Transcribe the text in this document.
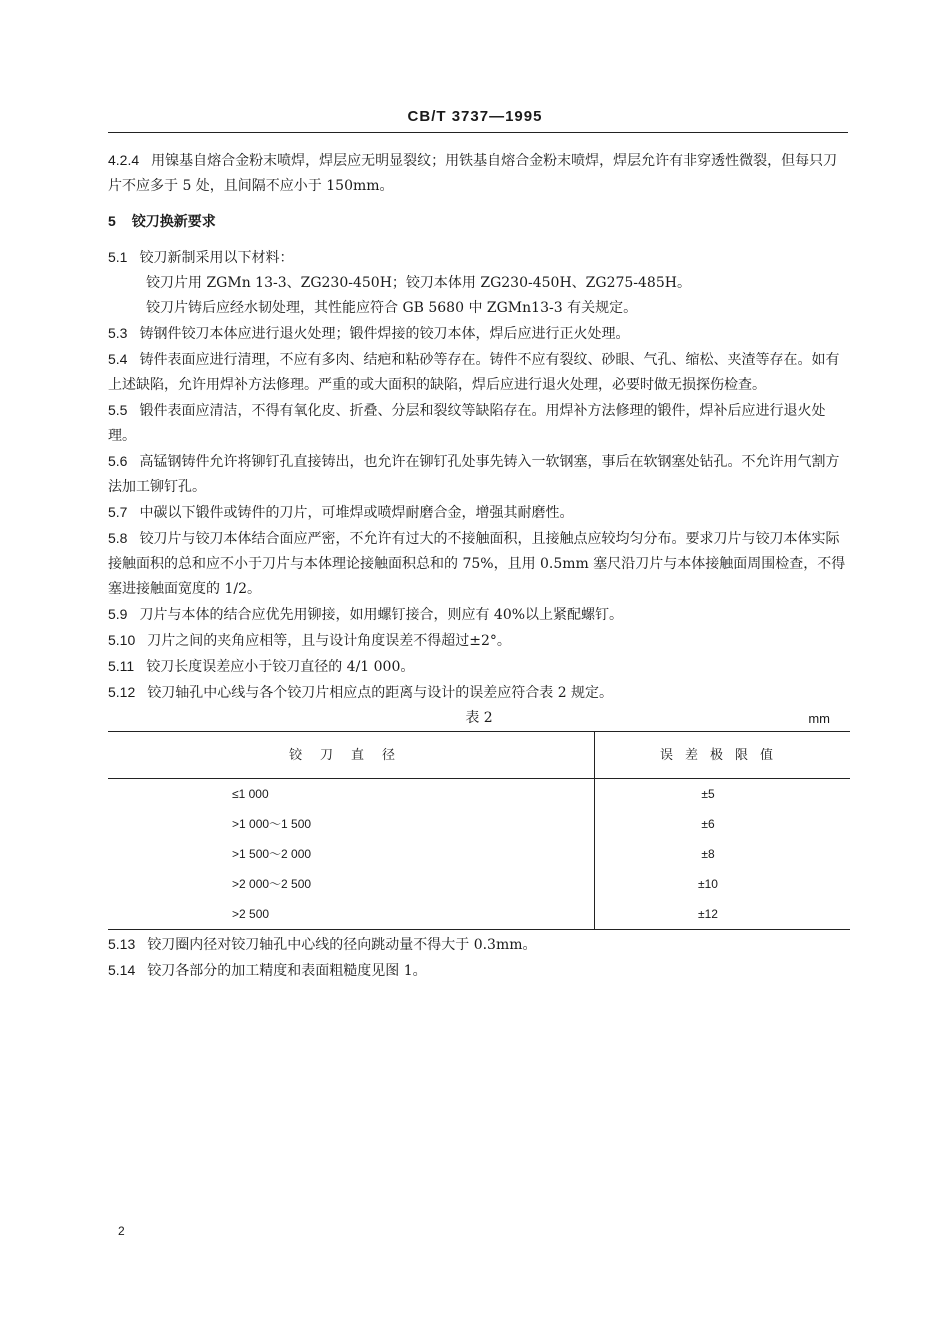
CB/T 3737—1995

4.2.4 用镍基自熔合金粉末喷焊，焊层应无明显裂纹；用铁基自熔合金粉末喷焊，焊层允许有非穿透性微裂，但每只刀片不应多于 5 处，且间隔不应小于 150mm。

5 铰刀换新要求

5.1 铰刀新制采用以下材料：

铰刀片用 ZGMn 13-3、ZG230-450H；铰刀本体用 ZG230-450H、ZG275-485H。

铰刀片铸后应经水韧处理，其性能应符合 GB 5680 中 ZGMn13-3 有关规定。

5.3 铸钢件铰刀本体应进行退火处理；锻件焊接的铰刀本体，焊后应进行正火处理。

5.4 铸件表面应进行清理，不应有多肉、结疤和粘砂等存在。铸件不应有裂纹、砂眼、气孔、缩松、夹渣等存在。如有上述缺陷，允许用焊补方法修理。严重的或大面积的缺陷，焊后应进行退火处理，必要时做无损探伤检查。

5.5 锻件表面应清洁，不得有氧化皮、折叠、分层和裂纹等缺陷存在。用焊补方法修理的锻件，焊补后应进行退火处理。

5.6 高锰钢铸件允许将铆钉孔直接铸出，也允许在铆钉孔处事先铸入一软钢塞，事后在软钢塞处钻孔。不允许用气割方法加工铆钉孔。

5.7 中碳以下锻件或铸件的刀片，可堆焊或喷焊耐磨合金，增强其耐磨性。

5.8 铰刀片与铰刀本体结合面应严密，不允许有过大的不接触面积，且接触点应较均匀分布。要求刀片与铰刀本体实际接触面积的总和应不小于刀片与本体理论接触面积总和的 75%，且用 0.5mm 塞尺沿刀片与本体接触面周围检查，不得塞进接触面宽度的 1/2。

5.9 刀片与本体的结合应优先用铆接，如用螺钉接合，则应有 40%以上紧配螺钉。

5.10 刀片之间的夹角应相等，且与设计角度误差不得超过±2°。

5.11 铰刀长度误差应小于铰刀直径的 4/1 000。

5.12 铰刀轴孔中心线与各个铰刀片相应点的距离与设计的误差应符合表 2 规定。

表 2	mm
铰刀直径	误差极限值
≤1 000	±5
>1 000～1 500	±6
>1 500～2 000	±8
>2 000～2 500	±10
>2 500	±12

5.13 铰刀圈内径对铰刀轴孔中心线的径向跳动量不得大于 0.3mm。

5.14 铰刀各部分的加工精度和表面粗糙度见图 1。

2
